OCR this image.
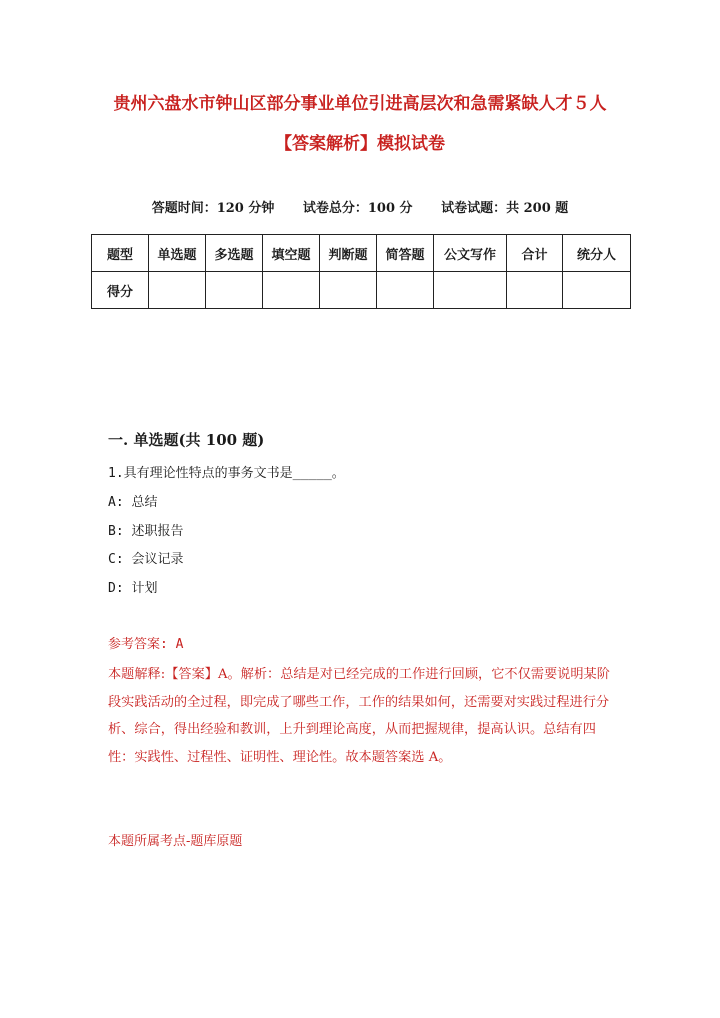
贵州六盘水市钟山区部分事业单位引进高层次和急需紧缺人才５人
【答案解析】模拟试卷
答题时间：120 分钟 试卷总分：100 分 试卷试题：共 200 题
题型	单选题	多选题	填空题	判断题	简答题	公文写作	合计	统分人
得分								
一. 单选题(共 100 题)
1.具有理论性特点的事务文书是_____。
A: 总结
B: 述职报告
C: 会议记录
D: 计划
参考答案: A
本题解释:【答案】A。解析：总结是对已经完成的工作进行回顾，它不仅需要说明某阶段实践活动的全过程，即完成了哪些工作，工作的结果如何，还需要对实践过程进行分析、综合，得出经验和教训，上升到理论高度，从而把握规律，提高认识。总结有四性：实践性、过程性、证明性、理论性。故本题答案选 A。
本题所属考点-题库原题
